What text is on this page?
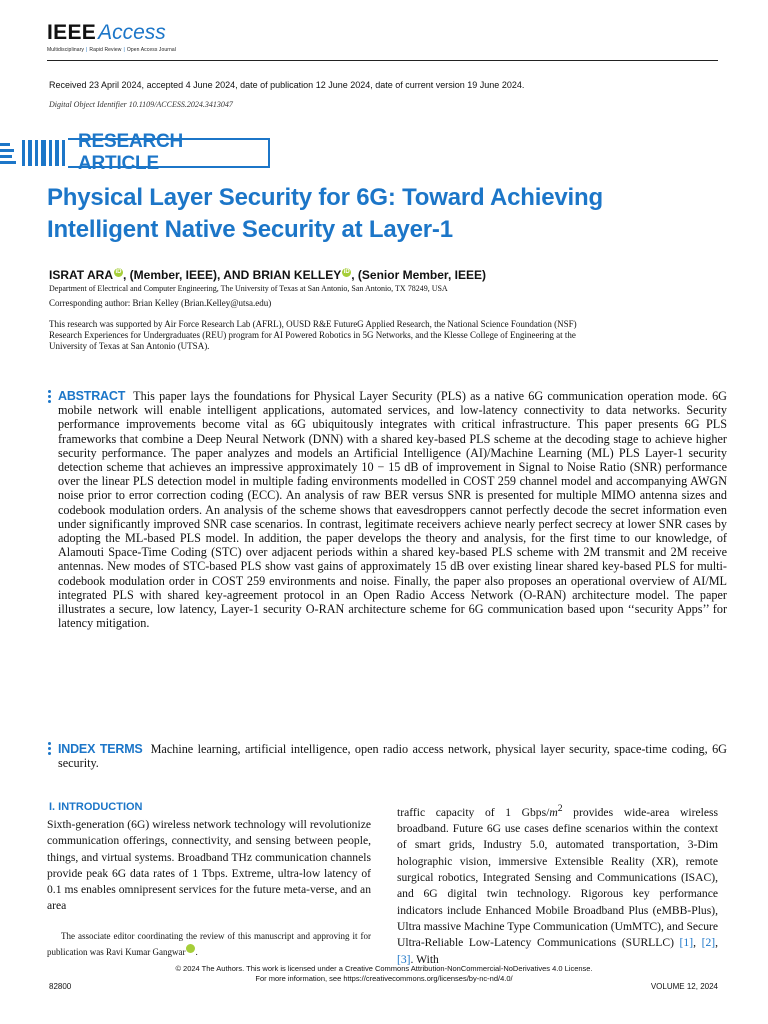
IEEEAccess
Multidisciplinary | Rapid Review | Open Access Journal
Received 23 April 2024, accepted 4 June 2024, date of publication 12 June 2024, date of current version 19 June 2024.
Digital Object Identifier 10.1109/ACCESS.2024.3413047
RESEARCH ARTICLE
Physical Layer Security for 6G: Toward Achieving Intelligent Native Security at Layer-1
ISRAT ARA iD , (Member, IEEE), AND BRIAN KELLEY iD , (Senior Member, IEEE)
Department of Electrical and Computer Engineering, The University of Texas at San Antonio, San Antonio, TX 78249, USA
Corresponding author: Brian Kelley (Brian.Kelley@utsa.edu)
This research was supported by Air Force Research Lab (AFRL), OUSD R&E FutureG Applied Research, the National Science Foundation (NSF) Research Experiences for Undergraduates (REU) program for AI Powered Robotics in 5G Networks, and the Klesse College of Engineering at the University of Texas at San Antonio (UTSA).
ABSTRACT This paper lays the foundations for Physical Layer Security (PLS) as a native 6G communication operation mode. 6G mobile network will enable intelligent applications, automated services, and low-latency connectivity to data networks. Security performance improvements become vital as 6G ubiquitously integrates with critical infrastructure. This paper presents 6G PLS frameworks that combine a Deep Neural Network (DNN) with a shared key-based PLS scheme at the decoding stage to achieve higher security performance. The paper analyzes and models an Artificial Intelligence (AI)/Machine Learning (ML) PLS Layer-1 security detection scheme that achieves an impressive approximately 10 − 15 dB of improvement in Signal to Noise Ratio (SNR) performance over the linear PLS detection model in multiple fading environments modelled in COST 259 channel model and accompanying AWGN noise prior to error correction coding (ECC). An analysis of raw BER versus SNR is presented for multiple MIMO antenna sizes and codebook modulation orders. An analysis of the scheme shows that eavesdroppers cannot perfectly decode the secret information even under significantly improved SNR case scenarios. In contrast, legitimate receivers achieve nearly perfect secrecy at lower SNR cases by adopting the ML-based PLS model. In addition, the paper develops the theory and analysis, for the first time to our knowledge, of Alamouti Space-Time Coding (STC) over adjacent periods within a shared key-based PLS scheme with 2M transmit and 2M receive antennas. New modes of STC-based PLS show vast gains of approximately 15 dB over existing linear shared key-based PLS for multi-codebook modulation order in COST 259 environments and noise. Finally, the paper also proposes an operational overview of AI/ML integrated PLS with shared key-agreement protocol in an Open Radio Access Network (O-RAN) architecture model. The paper illustrates a secure, low latency, Layer-1 security O-RAN architecture scheme for 6G communication based upon ‘‘security Apps’’ for latency mitigation.
INDEX TERMS Machine learning, artificial intelligence, open radio access network, physical layer security, space-time coding, 6G security.
I. INTRODUCTION
Sixth-generation (6G) wireless network technology will revolutionize communication offerings, connectivity, and sensing between people, things, and virtual systems. Broadband THz communication channels provide peak 6G data rates of 1 Tbps. Extreme, ultra-low latency of 0.1 ms enables omnipresent services for the future meta-verse, and an area
The associate editor coordinating the review of this manuscript and approving it for publication was Ravi Kumar Gangwar	iD.
traffic capacity of 1 Gbps/$m^2$ provides wide-area wireless broadband. Future 6G use cases define scenarios within the context of smart grids, Industry 5.0, automated transportation, 3-Dim holographic vision, immersive Extensible Reality (XR), remote surgical robotics, Integrated Sensing and Communications (ISAC), and 6G digital twin technology. Rigorous key performance indicators include Enhanced Mobile Broadband Plus (eMBB-Plus), Ultra massive Machine Type Communication (UmMTC), and Secure Ultra-Reliable Low-Latency Communications (SURLLC) [1], [2], [3]. With
© 2024 The Authors. This work is licensed under a Creative Commons Attribution-NonCommercial-NoDerivatives 4.0 License.
For more information, see https://creativecommons.org/licenses/by-nc-nd/4.0/
82800	VOLUME 12, 2024
